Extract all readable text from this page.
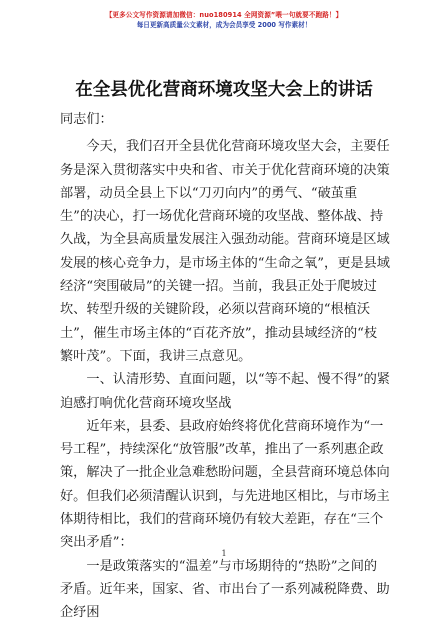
【更多公文写作资源请加微信：nuo180914 全网资源”喂一句就要不跑路！】
每日更新高质量公文素材，成为会员享受 2000 写作素材！
在全县优化营商环境攻坚大会上的讲话

同志们：

今天，我们召开全县优化营商环境攻坚大会，主要任务是深入贯彻落实中央和省、市关于优化营商环境的决策部署，动员全县上下以“刀刃向内”的勇气、“破茧重生”的决心，打一场优化营商环境的攻坚战、整体战、持久战，为全县高质量发展注入强劲动能。营商环境是区域发展的核心竞争力，是市场主体的“生命之氧”，更是县域经济“突围破局”的关键一招。当前，我县正处于爬坡过坎、转型升级的关键阶段，必须以营商环境的“根植沃土”，催生市场主体的“百花齐放”，推动县域经济的“枝繁叶茂”。下面，我讲三点意见。

一、认清形势、直面问题，以“等不起、慢不得”的紧迫感打响优化营商环境攻坚战

近年来，县委、县政府始终将优化营商环境作为“一号工程”，持续深化“放管服”改革，推出了一系列惠企政策，解决了一批企业急难愁盼问题，全县营商环境总体向好。但我们必须清醒认识到，与先进地区相比，与市场主体期待相比，我们的营商环境仍有较大差距，存在“三个突出矛盾”：

一是政策落实的“温差”与市场期待的“热盼”之间的矛盾。近年来，国家、省、市出台了一系列减税降费、助企纾困

1
